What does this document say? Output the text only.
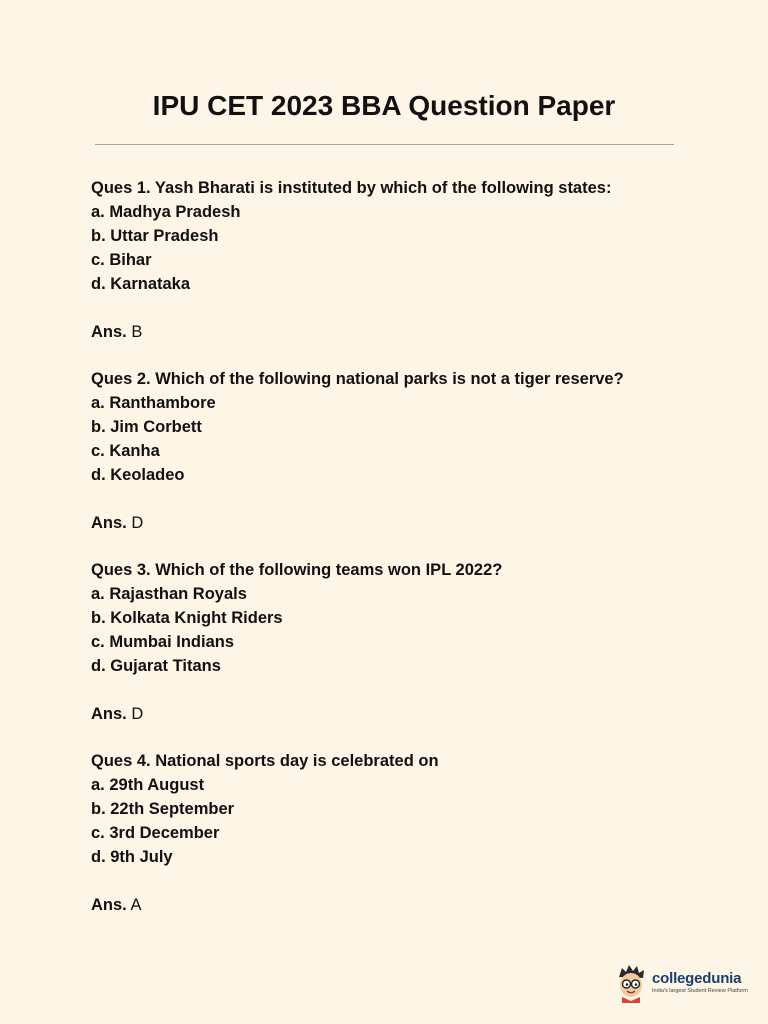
IPU CET 2023 BBA Question Paper
Ques 1. Yash Bharati is instituted by which of the following states:
a. Madhya Pradesh
b. Uttar Pradesh
c. Bihar
d. Karnataka
Ans. B
Ques 2. Which of the following national parks is not a tiger reserve?
a. Ranthambore
b. Jim Corbett
c. Kanha
d. Keoladeo
Ans. D
Ques 3. Which of the following teams won IPL 2022?
a. Rajasthan Royals
b. Kolkata Knight Riders
c. Mumbai Indians
d. Gujarat Titans
Ans. D
Ques 4. National sports day is celebrated on
a. 29th August
b. 22th September
c. 3rd December
d. 9th July
Ans. A
collegedunia
India's largest Student Review Platform
